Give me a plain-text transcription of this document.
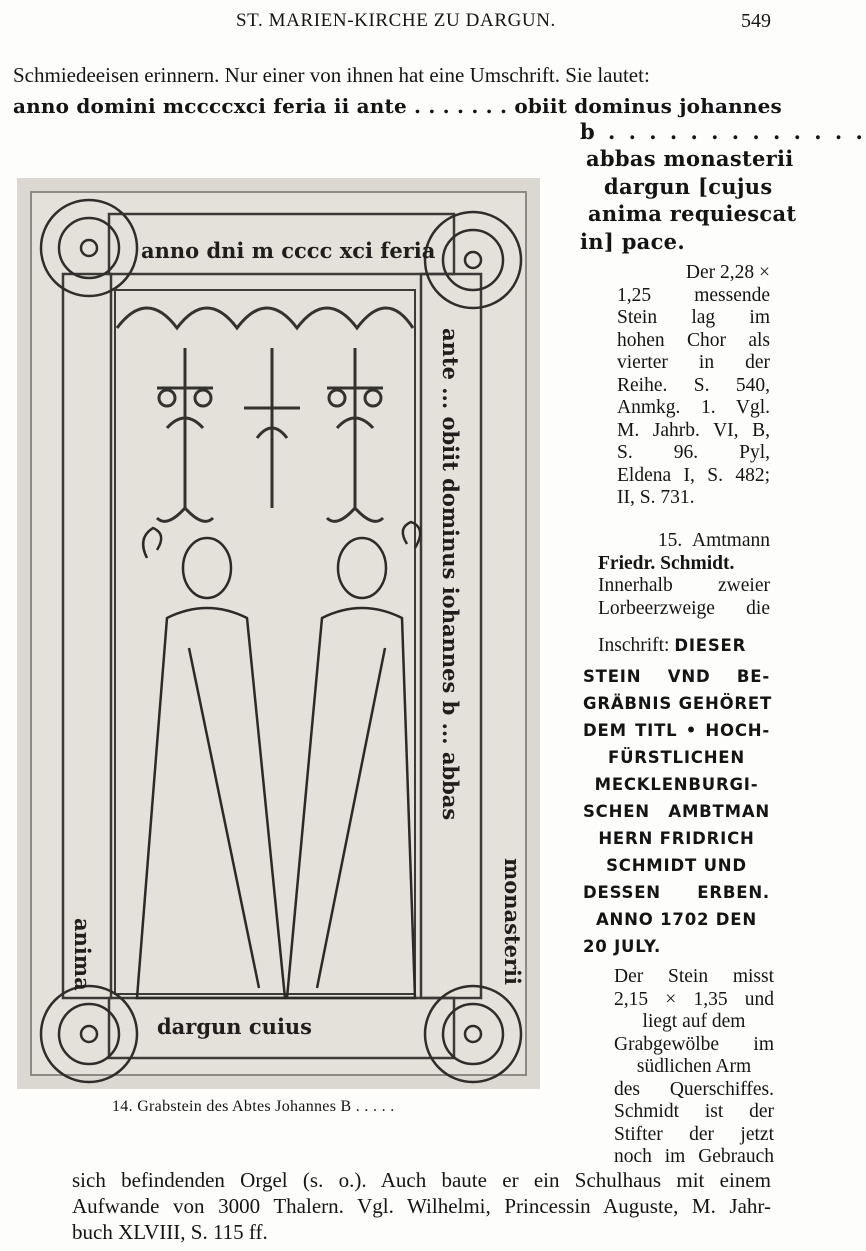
ST. MARIEN-KIRCHE ZU DARGUN.	549
Schmiedeeisen erinnern. Nur einer von ihnen hat eine Umschrift. Sie lautet:
anno domini mccccxci feria ii ante . . . . . . . obiit dominus johannes
b . . . . . . . . . . . . .
abbas monasterii
dargun [cujus
anima requiescat
in] pace.
anno dni m cccc xci feria
ante ... obiit dominus iohannes b ... abbas
monasterii
dargun cuius
anima
14. Grabstein des Abtes Johannes B . . . . .
Der 2,28 ×
1,25 messende
Stein lag im
hohen Chor als
vierter in der
Reihe. S. 540,
Anmkg. 1. Vgl.
M. Jahrb. VI, B,
S. 96. Pyl,
Eldena I, S. 482;
II, S. 731.
15. Amtmann
Friedr. Schmidt.
Innerhalb zweier
Lorbeerzweige die
Inschrift: DIESER
STEIN VND BE-
GRÄBNIS GEHÖRET
DEM TITL • HOCH-
FÜRSTLICHEN
MECKLENBURGI-
SCHEN AMBTMAN
HERN FRIDRICH
SCHMIDT UND
DESSEN ERBEN.
ANNO 1702 DEN
20 JULY.
Der Stein misst
2,15 × 1,35 und
liegt auf dem
Grabgewölbe im
südlichen Arm
des Querschiffes.
Schmidt ist der
Stifter der jetzt
noch im Gebrauch
sich befindenden Orgel (s. o.). Auch baute er ein Schulhaus mit einem
Aufwande von 3000 Thalern. Vgl. Wilhelmi, Princessin Auguste, M. Jahr-
buch XLVIII, S. 115 ff.
